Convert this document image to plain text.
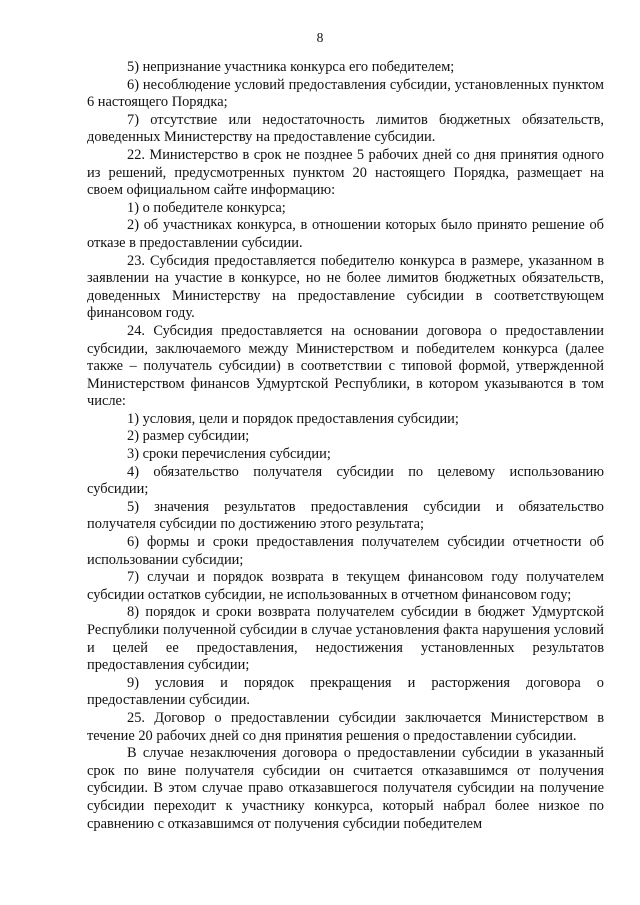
8

5) непризнание участника конкурса его победителем;

6) несоблюдение условий предоставления субсидии, установленных пунктом 6 настоящего Порядка;

7) отсутствие или недостаточность лимитов бюджетных обязательств, доведенных Министерству на предоставление субсидии.

22. Министерство в срок не позднее 5 рабочих дней со дня принятия одного из решений, предусмотренных пунктом 20 настоящего Порядка, размещает на своем официальном сайте информацию:

1) о победителе конкурса;

2) об участниках конкурса, в отношении которых было принято решение об отказе в предоставлении субсидии.

23. Субсидия предоставляется победителю конкурса в размере, указанном в заявлении на участие в конкурсе, но не более лимитов бюджетных обязательств, доведенных Министерству на предоставление субсидии в соответствующем финансовом году.

24. Субсидия предоставляется на основании договора о предоставлении субсидии, заключаемого между Министерством и победителем конкурса (далее также – получатель субсидии) в соответствии с типовой формой, утвержденной Министерством финансов Удмуртской Республики, в котором указываются в том числе:

1) условия, цели и порядок предоставления субсидии;

2) размер субсидии;

3) сроки перечисления субсидии;

4) обязательство получателя субсидии по целевому использованию субсидии;

5) значения результатов предоставления субсидии и обязательство получателя субсидии по достижению этого результата;

6) формы и сроки предоставления получателем субсидии отчетности об использовании субсидии;

7) случаи и порядок возврата в текущем финансовом году получателем субсидии остатков субсидии, не использованных в отчетном финансовом году;

8) порядок и сроки возврата получателем субсидии в бюджет Удмуртской Республики полученной субсидии в случае установления факта нарушения условий и целей ее предоставления, недостижения установленных результатов предоставления субсидии;

9) условия и порядок прекращения и расторжения договора о предоставлении субсидии.

25. Договор о предоставлении субсидии заключается Министерством в течение 20 рабочих дней со дня принятия решения о предоставлении субсидии.

В случае незаключения договора о предоставлении субсидии в указанный срок по вине получателя субсидии он считается отказавшимся от получения субсидии. В этом случае право отказавшегося получателя субсидии на получение субсидии переходит к участнику конкурса, который набрал более низкое по сравнению с отказавшимся от получения субсидии победителем
